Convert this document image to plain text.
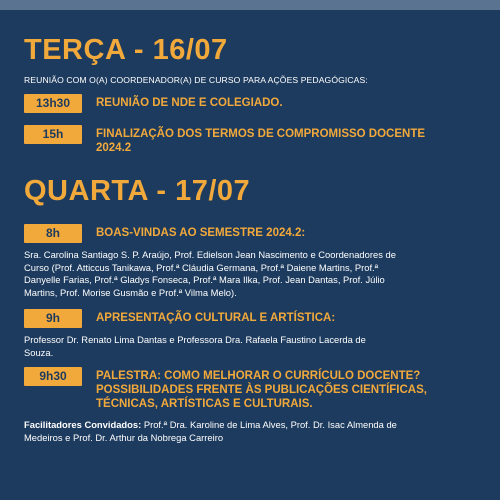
TERÇA - 16/07
REUNIÃO COM O(A) COORDENADOR(A) DE CURSO PARA AÇÕES PEDAGÓGICAS:
13h30	REUNIÃO DE NDE E COLEGIADO.
15h	FINALIZAÇÃO DOS TERMOS DE COMPROMISSO DOCENTE 2024.2
QUARTA - 17/07
8h	BOAS-VINDAS AO SEMESTRE 2024.2:
Sra. Carolina Santiago S. P. Araújo, Prof. Edielson Jean Nascimento e Coordenadores de Curso (Prof. Atticcus Tanikawa, Prof.ª Cláudia Germana, Prof.ª Daiene Martins, Prof.ª Danyelle Farias, Prof.ª Gladys Fonseca, Prof.ª Mara Ilka, Prof. Jean Dantas, Prof. Júlio Martins, Prof. Morise Gusmão e Prof.ª Vilma Melo).
9h	APRESENTAÇÃO CULTURAL E ARTÍSTICA:
Professor Dr. Renato Lima Dantas e Professora Dra. Rafaela Faustino Lacerda de Souza.
9h30	PALESTRA: COMO MELHORAR O CURRÍCULO DOCENTE? POSSIBILIDADES FRENTE ÀS PUBLICAÇÕES CIENTÍFICAS, TÉCNICAS, ARTÍSTICAS E CULTURAIS.
Facilitadores Convidados: Prof.ª Dra. Karoline de Lima Alves, Prof. Dr. Isac Almenda de Medeiros e Prof. Dr. Arthur da Nobrega Carreiro
